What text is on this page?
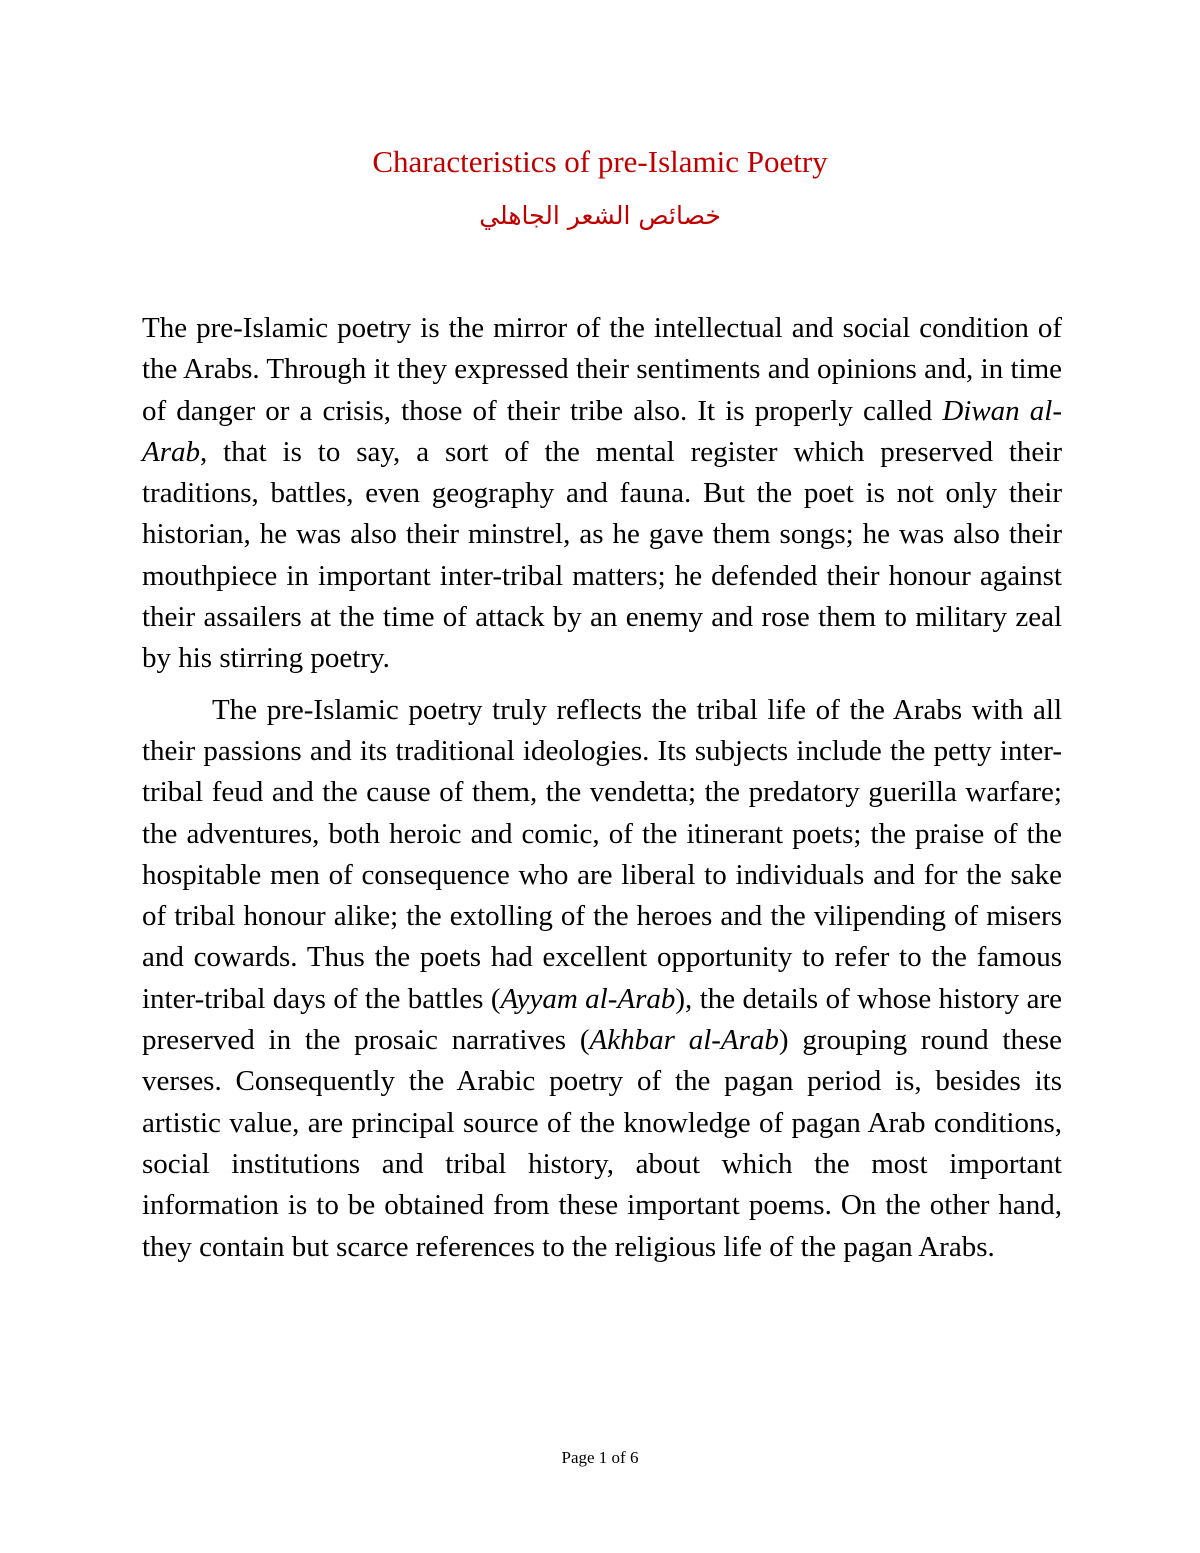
Characteristics of pre-Islamic Poetry
خصائص الشعر الجاهلي

The pre-Islamic poetry is the mirror of the intellectual and social condition of the Arabs. Through it they expressed their sentiments and opinions and, in time of danger or a crisis, those of their tribe also. It is properly called Diwan al-Arab, that is to say, a sort of the mental register which preserved their traditions, battles, even geography and fauna. But the poet is not only their historian, he was also their minstrel, as he gave them songs; he was also their mouthpiece in important inter-tribal matters; he defended their honour against their assailers at the time of attack by an enemy and rose them to military zeal by his stirring poetry.

The pre-Islamic poetry truly reflects the tribal life of the Arabs with all their passions and its traditional ideologies. Its subjects include the petty inter-tribal feud and the cause of them, the vendetta; the predatory guerilla warfare; the adventures, both heroic and comic, of the itinerant poets; the praise of the hospitable men of consequence who are liberal to individuals and for the sake of tribal honour alike; the extolling of the heroes and the vilipending of misers and cowards. Thus the poets had excellent opportunity to refer to the famous inter-tribal days of the battles (Ayyam al-Arab), the details of whose history are preserved in the prosaic narratives (Akhbar al-Arab) grouping round these verses. Consequently the Arabic poetry of the pagan period is, besides its artistic value, are principal source of the knowledge of pagan Arab conditions, social institutions and tribal history, about which the most important information is to be obtained from these important poems. On the other hand, they contain but scarce references to the religious life of the pagan Arabs.

Page 1 of 6
